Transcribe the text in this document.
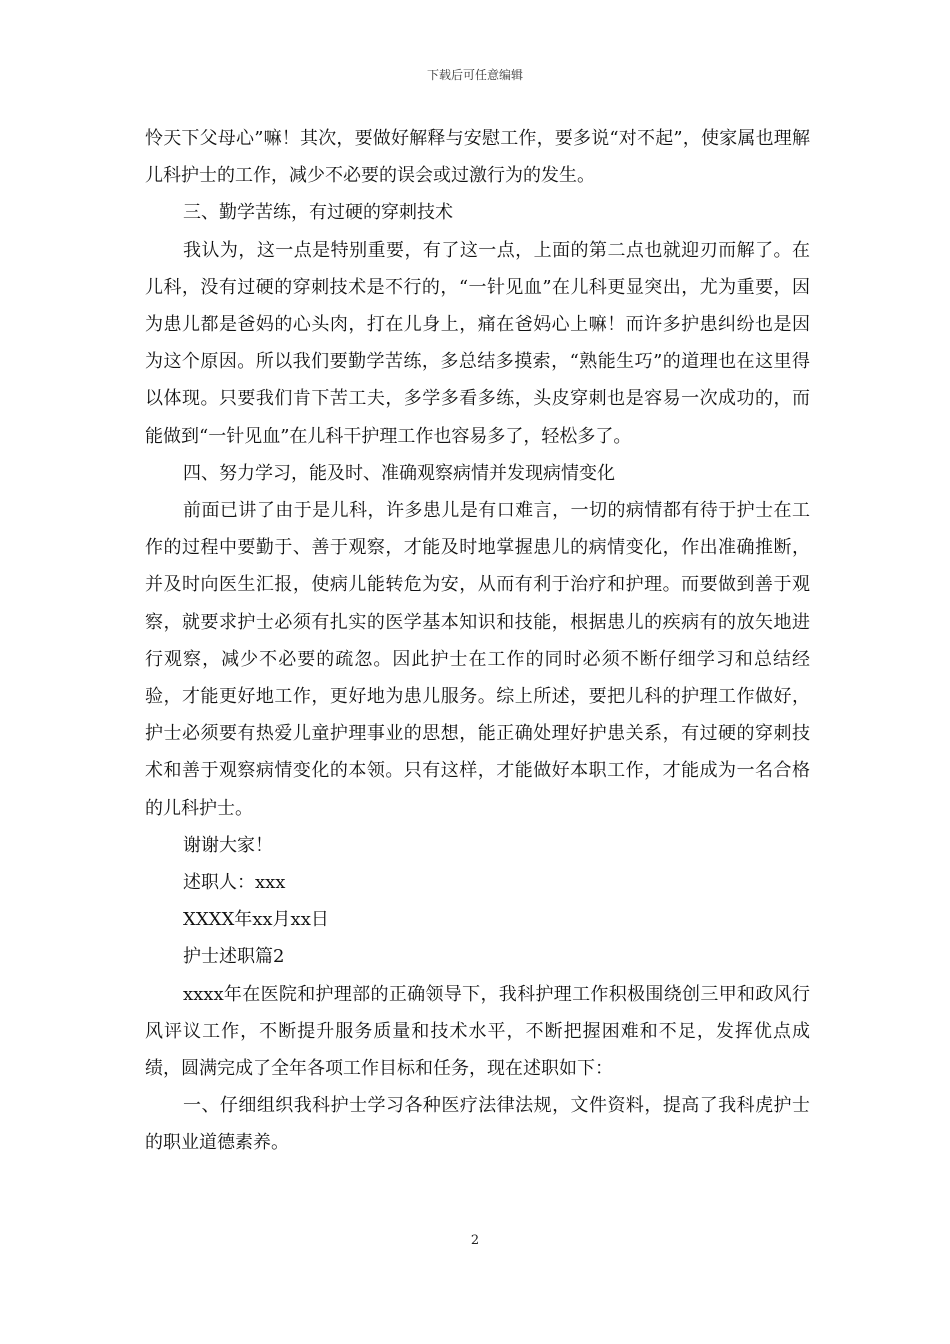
下载后可任意编辑

怜天下父母心”嘛！其次，要做好解释与安慰工作，要多说“对不起”，使家属也理解儿科护士的工作，减少不必要的误会或过激行为的发生。

三、勤学苦练，有过硬的穿刺技术

我认为，这一点是特别重要，有了这一点，上面的第二点也就迎刃而解了。在儿科，没有过硬的穿刺技术是不行的，“一针见血”在儿科更显突出，尤为重要，因为患儿都是爸妈的心头肉，打在儿身上，痛在爸妈心上嘛！而许多护患纠纷也是因为这个原因。所以我们要勤学苦练，多总结多摸索，“熟能生巧”的道理也在这里得以体现。只要我们肯下苦工夫，多学多看多练，头皮穿刺也是容易一次成功的，而能做到“一针见血”在儿科干护理工作也容易多了，轻松多了。

四、努力学习，能及时、准确观察病情并发现病情变化

前面已讲了由于是儿科，许多患儿是有口难言，一切的病情都有待于护士在工作的过程中要勤于、善于观察，才能及时地掌握患儿的病情变化，作出准确推断，并及时向医生汇报，使病儿能转危为安，从而有利于治疗和护理。而要做到善于观察，就要求护士必须有扎实的医学基本知识和技能，根据患儿的疾病有的放矢地进行观察，减少不必要的疏忽。因此护士在工作的同时必须不断仔细学习和总结经验，才能更好地工作，更好地为患儿服务。综上所述，要把儿科的护理工作做好，护士必须要有热爱儿童护理事业的思想，能正确处理好护患关系，有过硬的穿刺技术和善于观察病情变化的本领。只有这样，才能做好本职工作，才能成为一名合格的儿科护士。

谢谢大家！

述职人：xxx

XXXX年xx月xx日

护士述职篇2

xxxx年在医院和护理部的正确领导下，我科护理工作积极围绕创三甲和政风行风评议工作，不断提升服务质量和技术水平，不断把握困难和不足，发挥优点成绩，圆满完成了全年各项工作目标和任务，现在述职如下：

一、仔细组织我科护士学习各种医疗法律法规，文件资料，提高了我科虎护士的职业道德素养。

2
